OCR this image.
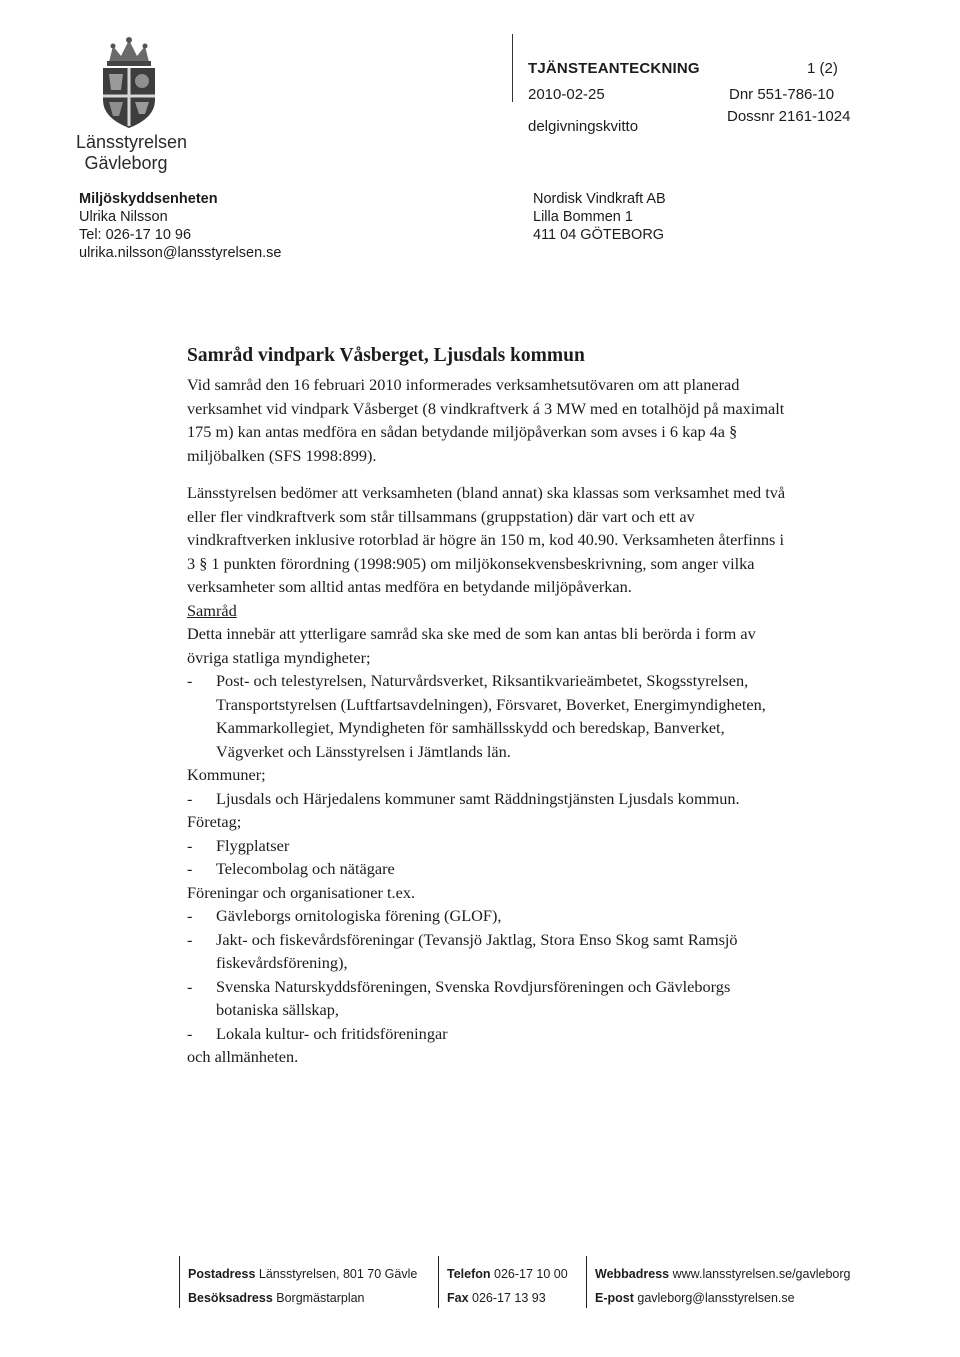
Länsstyrelsen
Gävleborg
Miljöskyddsenheten
Ulrika Nilsson
Tel: 026-17 10 96
ulrika.nilsson@lansstyrelsen.se
TJÄNSTEANTECKNING	1 (2)
2010-02-25	Dnr 551-786-10
Dossnr 2161-1024
delgivningskvitto
Nordisk Vindkraft AB
Lilla Bommen 1
411 04 GÖTEBORG
Samråd vindpark Våsberget, Ljusdals kommun

Vid samråd den 16 februari 2010 informerades verksamhetsutövaren om att planerad verksamhet vid vindpark Våsberget (8 vindkraftverk á 3 MW med en totalhöjd på maximalt 175 m) kan antas medföra en sådan betydande miljöpåverkan som avses i 6 kap 4a § miljöbalken (SFS 1998:899).

Länsstyrelsen bedömer att verksamheten (bland annat) ska klassas som verksamhet med två eller fler vindkraftverk som står tillsammans (gruppstation) där vart och ett av vindkraftverken inklusive rotorblad är högre än 150 m, kod 40.90. Verksamheten återfinns i 3 § 1 punkten förordning (1998:905) om miljökonsekvensbeskrivning, som anger vilka verksamheter som alltid antas medföra en betydande miljöpåverkan.

Samråd

Detta innebär att ytterligare samråd ska ske med de som kan antas bli berörda i form av övriga statliga myndigheter;

-	Post- och telestyrelsen, Naturvårdsverket, Riksantikvarieämbetet, Skogsstyrelsen, Transportstyrelsen (Luftfartsavdelningen), Försvaret, Boverket, Energimyndigheten, Kammarkollegiet, Myndigheten för samhällsskydd och beredskap, Banverket, Vägverket och Länsstyrelsen i Jämtlands län.

Kommuner;

-	Ljusdals och Härjedalens kommuner samt Räddningstjänsten Ljusdals kommun.

Företag;

-	Flygplatser
-	Telecombolag och nätägare

Föreningar och organisationer t.ex.

-	Gävleborgs ornitologiska förening (GLOF),
-	Jakt- och fiskevårdsföreningar (Tevansjö Jaktlag, Stora Enso Skog samt Ramsjö fiskevårdsförening),
-	Svenska Naturskyddsföreningen, Svenska Rovdjursföreningen och Gävleborgs botaniska sällskap,
-	Lokala kultur- och fritidsföreningar

och allmänheten.

Postadress Länsstyrelsen, 801 70 Gävle
Besöksadress Borgmästarplan
Telefon 026-17 10 00
Fax 026-17 13 93
Webbadress www.lansstyrelsen.se/gavleborg
E-post gavleborg@lansstyrelsen.se
